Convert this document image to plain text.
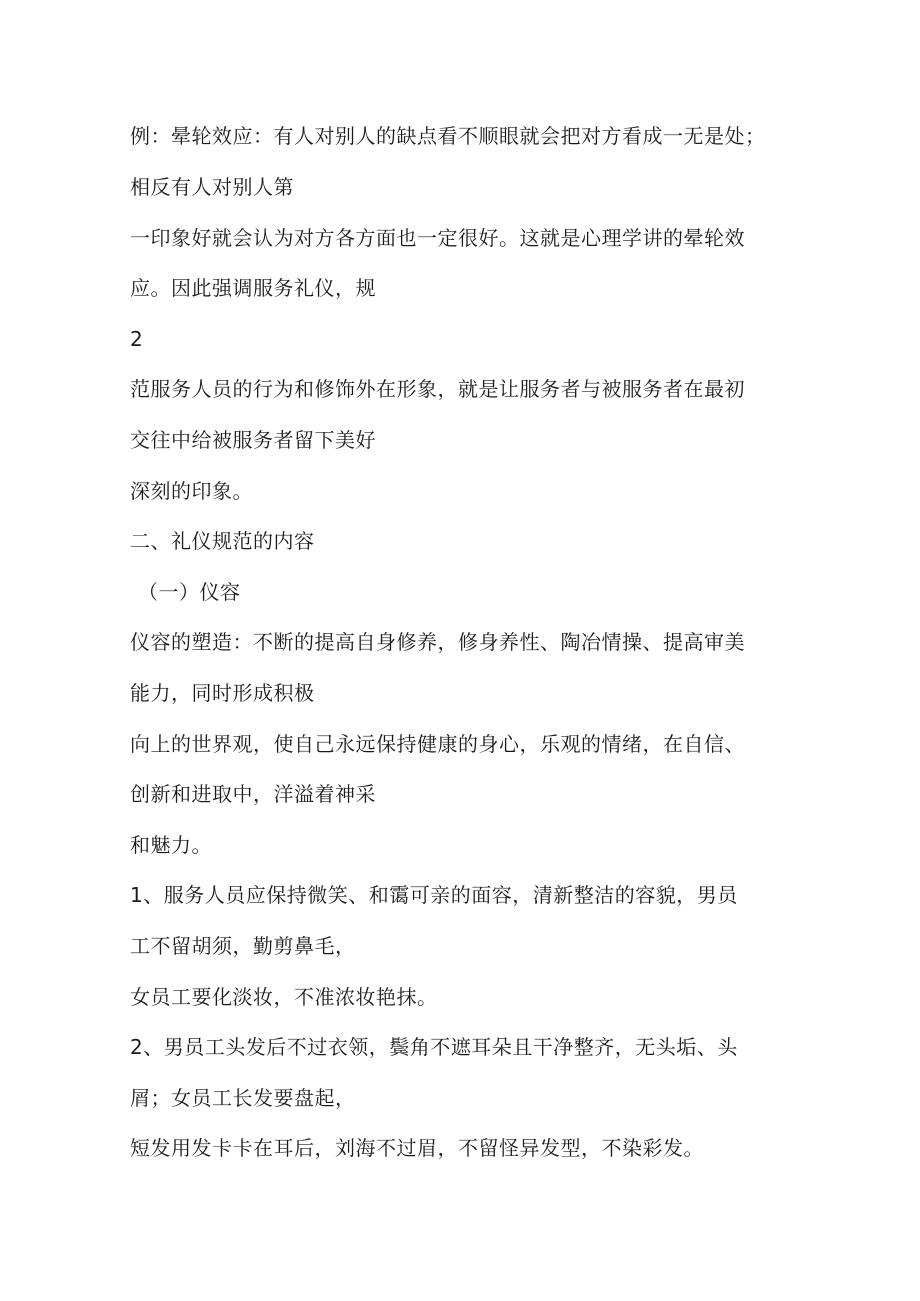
例：晕轮效应：有人对别人的缺点看不顺眼就会把对方看成一无是处；
相反有人对别人第
一印象好就会认为对方各方面也一定很好。这就是心理学讲的晕轮效
应。因此强调服务礼仪，规
2
范服务人员的行为和修饰外在形象，就是让服务者与被服务者在最初
交往中给被服务者留下美好
深刻的印象。
二、礼仪规范的内容
（一）仪容
仪容的塑造：不断的提高自身修养，修身养性、陶冶情操、提高审美
能力，同时形成积极
向上的世界观，使自己永远保持健康的身心，乐观的情绪，在自信、
创新和进取中，洋溢着神采
和魅力。
1、服务人员应保持微笑、和霭可亲的面容，清新整洁的容貌，男员
工不留胡须，勤剪鼻毛，
女员工要化淡妆，不准浓妆艳抹。
2、男员工头发后不过衣领，鬓角不遮耳朵且干净整齐，无头垢、头
屑；女员工长发要盘起，
短发用发卡卡在耳后，刘海不过眉，不留怪异发型，不染彩发。
